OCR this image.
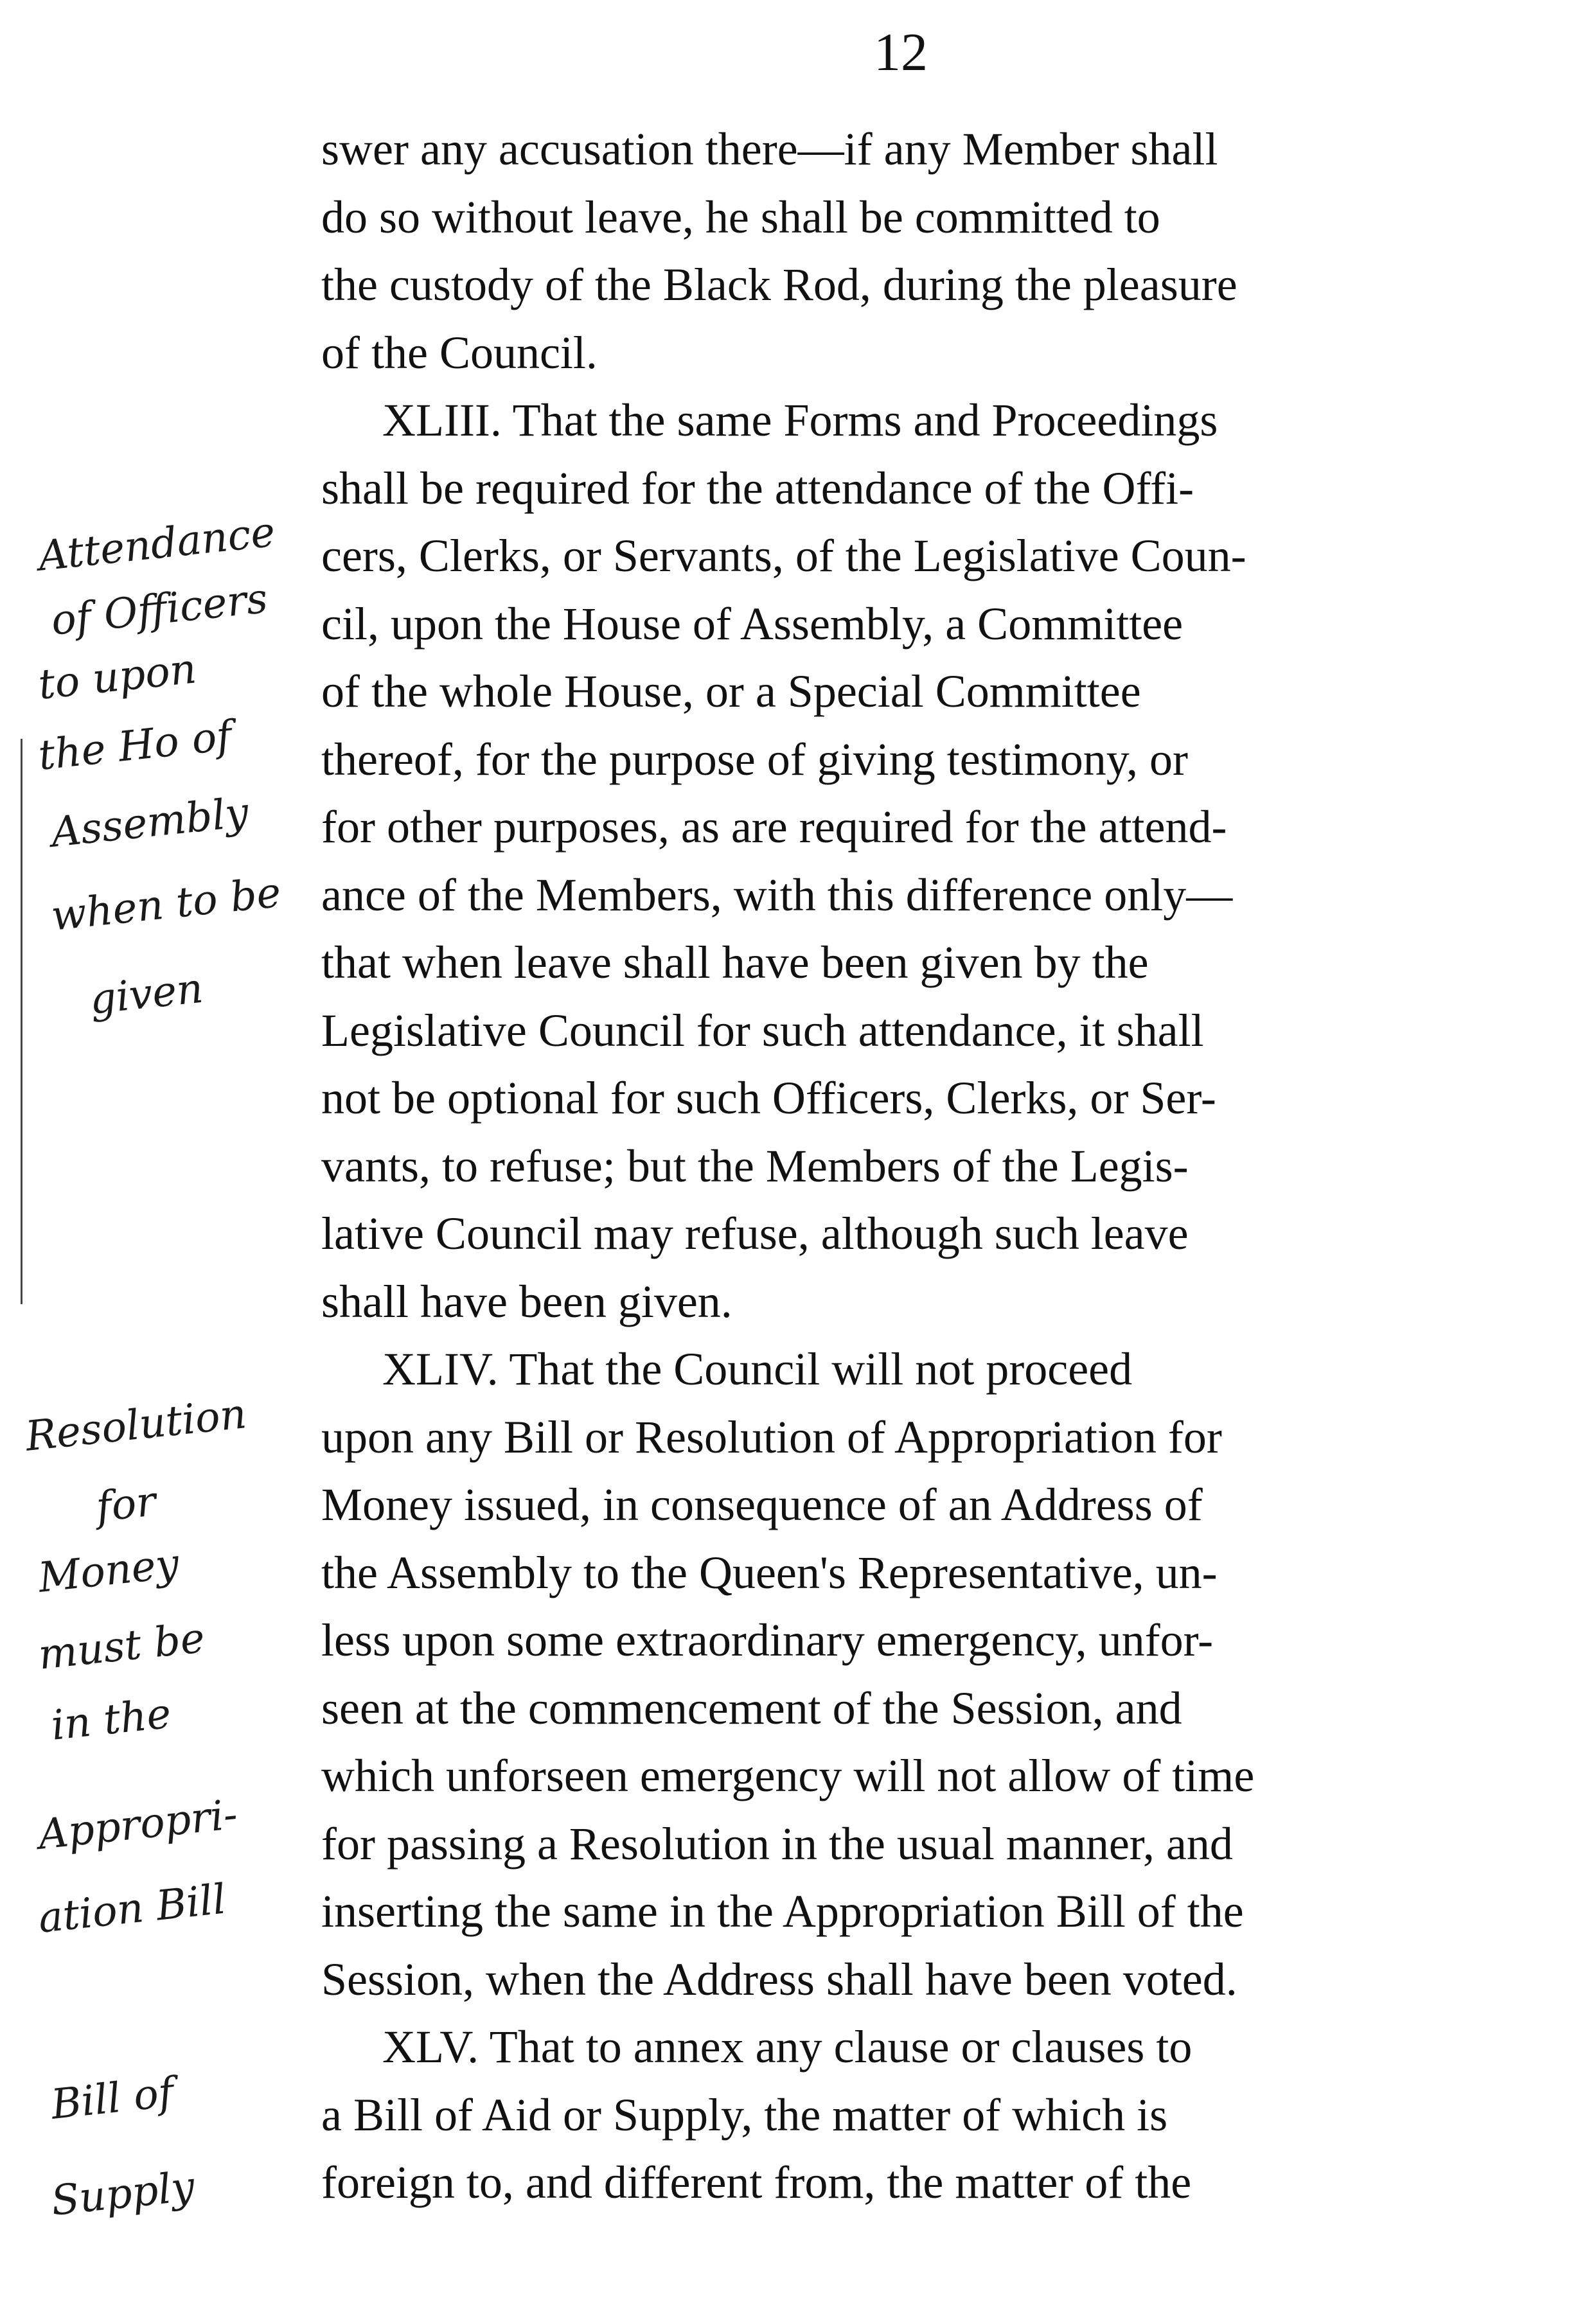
12
Attendance
of Officers
to upon
the Ho of
Assembly
when to be
given
Resolution
for
Money
must be
in the
Appropri-
ation Bill
Bill of
Supply
swer any accusation there—if any Member shall
do so without leave, he shall be committed to
the custody of the Black Rod, during the pleasure
of the Council.
XLIII. That the same Forms and Proceedings
shall be required for the attendance of the Offi-
cers, Clerks, or Servants, of the Legislative Coun-
cil, upon the House of Assembly, a Committee
of the whole House, or a Special Committee
thereof, for the purpose of giving testimony, or
for other purposes, as are required for the attend-
ance of the Members, with this difference only—
that when leave shall have been given by the
Legislative Council for such attendance, it shall
not be optional for such Officers, Clerks, or Ser-
vants, to refuse; but the Members of the Legis-
lative Council may refuse, although such leave
shall have been given.
XLIV. That the Council will not proceed
upon any Bill or Resolution of Appropriation for
Money issued, in consequence of an Address of
the Assembly to the Queen's Representative, un-
less upon some extraordinary emergency, unfor-
seen at the commencement of the Session, and
which unforseen emergency will not allow of time
for passing a Resolution in the usual manner, and
inserting the same in the Appropriation Bill of the
Session, when the Address shall have been voted.
XLV. That to annex any clause or clauses to
a Bill of Aid or Supply, the matter of which is
foreign to, and different from, the matter of the
